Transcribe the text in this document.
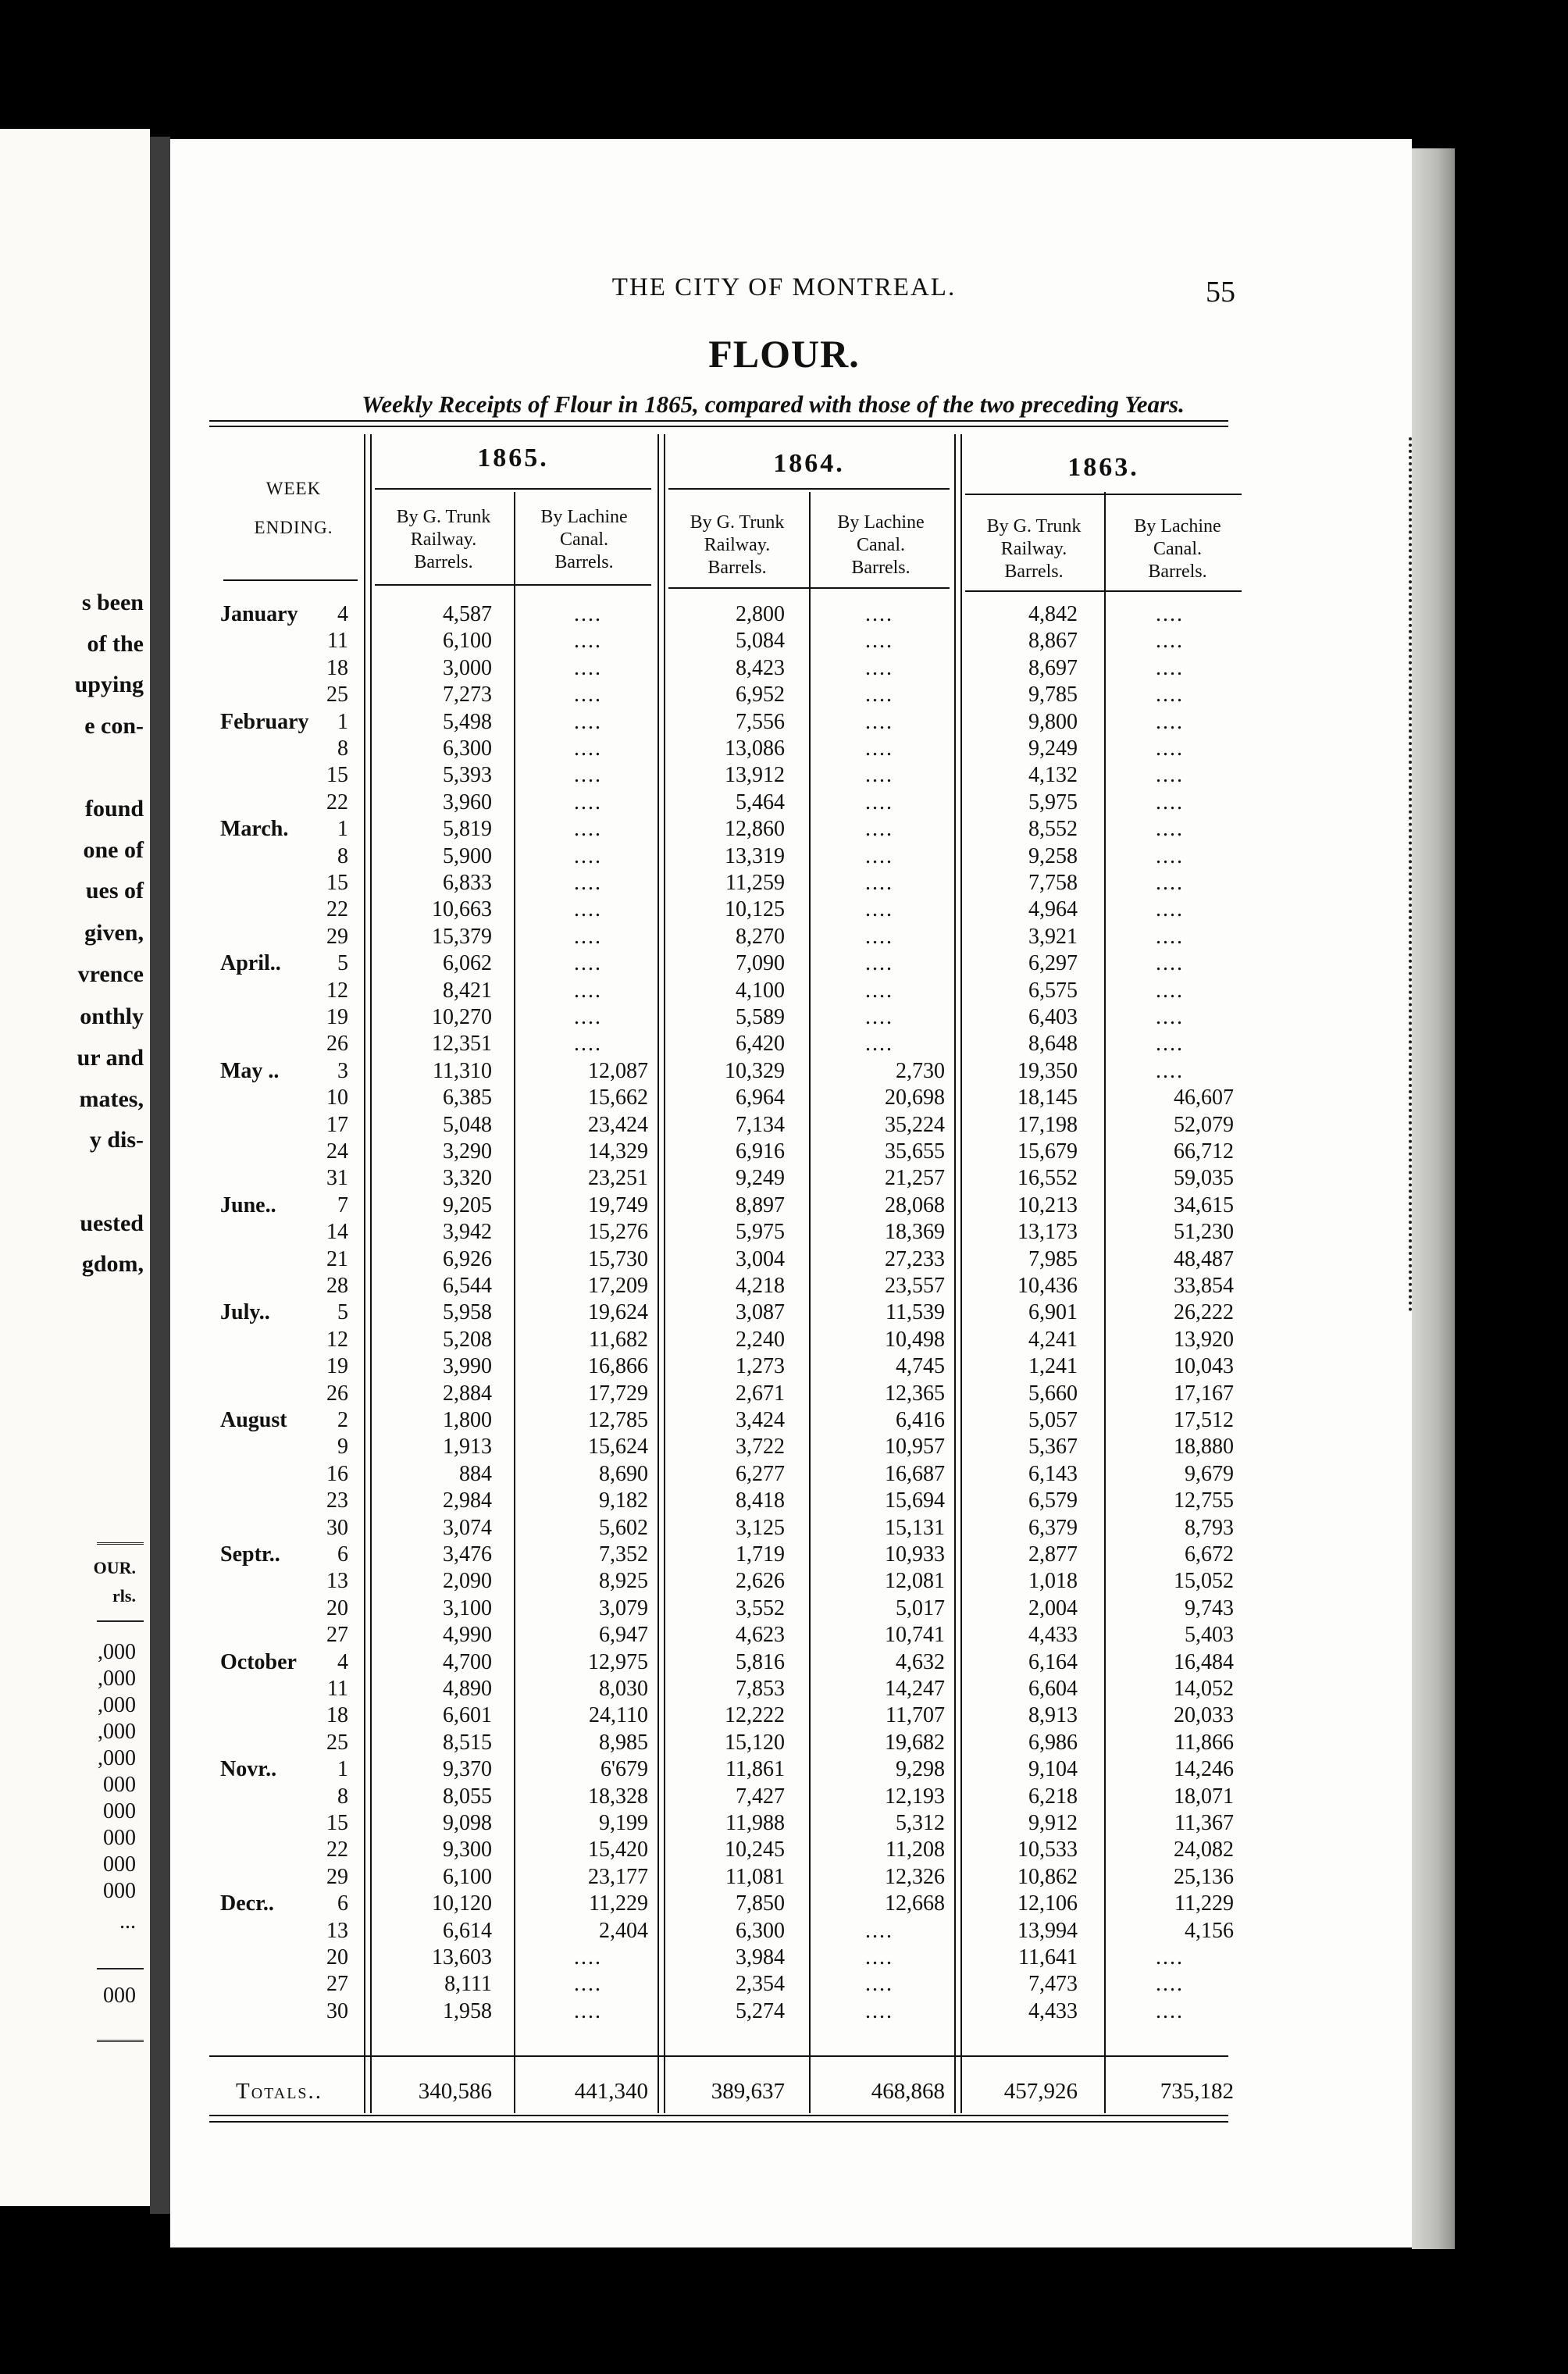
s been
of the
upying
e con-
found
one of
ues of
given,
vrence
onthly
ur and
mates,
y dis-
uested
gdom,
OUR.
rls.
,000
,000
,000
,000
,000
000
000
000
000
000
...
000
THE CITY OF MONTREAL.	55
FLOUR.
Weekly Receipts of Flour in 1865, compared with those of the two preceding Years.
WEEK
ENDING.
1865.	1864.	1863.
By G. Trunk
Railway.
Barrels.
By Lachine
Canal.
Barrels.
By G. Trunk
Railway.
Barrels.
By Lachine
Canal.
Barrels.
By G. Trunk
Railway.
Barrels.
By Lachine
Canal.
Barrels.
January	4	4,587	....	2,800	....	4,842	....
11	6,100	....	5,084	....	8,867	....
18	3,000	....	8,423	....	8,697	....
25	7,273	....	6,952	....	9,785	....
February	1	5,498	....	7,556	....	9,800	....
8	6,300	....	13,086	....	9,249	....
15	5,393	....	13,912	....	4,132	....
22	3,960	....	5,464	....	5,975	....
March.	1	5,819	....	12,860	....	8,552	....
8	5,900	....	13,319	....	9,258	....
15	6,833	....	11,259	....	7,758	....
22	10,663	....	10,125	....	4,964	....
29	15,379	....	8,270	....	3,921	....
April..	5	6,062	....	7,090	....	6,297	....
12	8,421	....	4,100	....	6,575	....
19	10,270	....	5,589	....	6,403	....
26	12,351	....	6,420	....	8,648	....
May ..	3	11,310	12,087	10,329	2,730	19,350	....
10	6,385	15,662	6,964	20,698	18,145	46,607
17	5,048	23,424	7,134	35,224	17,198	52,079
24	3,290	14,329	6,916	35,655	15,679	66,712
31	3,320	23,251	9,249	21,257	16,552	59,035
June..	7	9,205	19,749	8,897	28,068	10,213	34,615
14	3,942	15,276	5,975	18,369	13,173	51,230
21	6,926	15,730	3,004	27,233	7,985	48,487
28	6,544	17,209	4,218	23,557	10,436	33,854
July..	5	5,958	19,624	3,087	11,539	6,901	26,222
12	5,208	11,682	2,240	10,498	4,241	13,920
19	3,990	16,866	1,273	4,745	1,241	10,043
26	2,884	17,729	2,671	12,365	5,660	17,167
August	2	1,800	12,785	3,424	6,416	5,057	17,512
9	1,913	15,624	3,722	10,957	5,367	18,880
16	884	8,690	6,277	16,687	6,143	9,679
23	2,984	9,182	8,418	15,694	6,579	12,755
30	3,074	5,602	3,125	15,131	6,379	8,793
Septr..	6	3,476	7,352	1,719	10,933	2,877	6,672
13	2,090	8,925	2,626	12,081	1,018	15,052
20	3,100	3,079	3,552	5,017	2,004	9,743
27	4,990	6,947	4,623	10,741	4,433	5,403
October	4	4,700	12,975	5,816	4,632	6,164	16,484
11	4,890	8,030	7,853	14,247	6,604	14,052
18	6,601	24,110	12,222	11,707	8,913	20,033
25	8,515	8,985	15,120	19,682	6,986	11,866
Novr..	1	9,370	6'679	11,861	9,298	9,104	14,246
8	8,055	18,328	7,427	12,193	6,218	18,071
15	9,098	9,199	11,988	5,312	9,912	11,367
22	9,300	15,420	10,245	11,208	10,533	24,082
29	6,100	23,177	11,081	12,326	10,862	25,136
Decr..	6	10,120	11,229	7,850	12,668	12,106	11,229
13	6,614	2,404	6,300	....	13,994	4,156
20	13,603	....	3,984	....	11,641	....
27	8,111	....	2,354	....	7,473	....
30	1,958	....	5,274	....	4,433	....
Totals..	340,586	441,340	389,637	468,868	457,926	735,182
